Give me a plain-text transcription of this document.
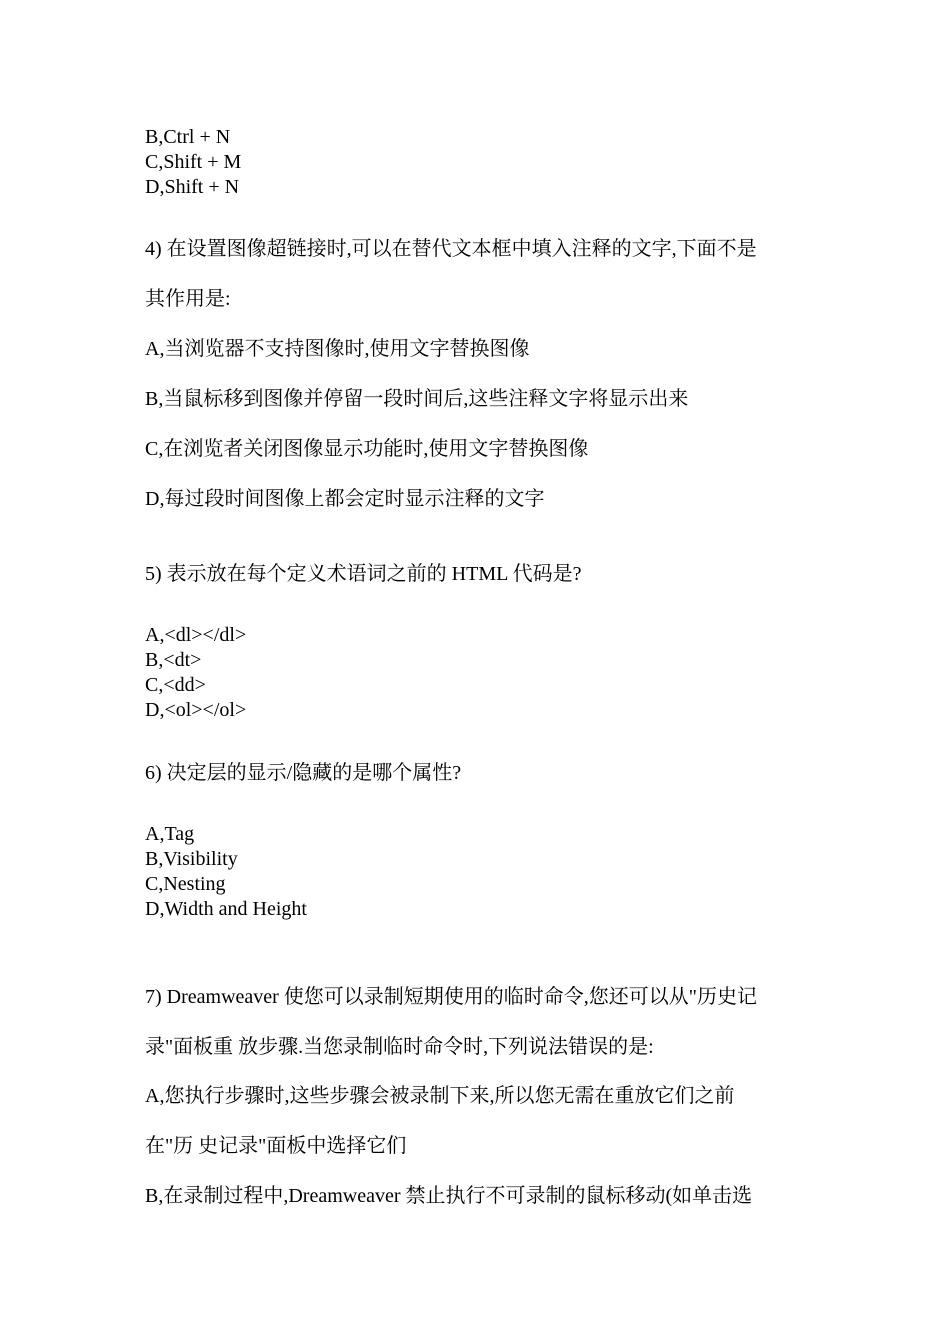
B,Ctrl + N
C,Shift + M
D,Shift + N
4) 在设置图像超链接时,可以在替代文本框中填入注释的文字,下面不是
其作用是:
A,当浏览器不支持图像时,使用文字替换图像
B,当鼠标移到图像并停留一段时间后,这些注释文字将显示出来
C,在浏览者关闭图像显示功能时,使用文字替换图像
D,每过段时间图像上都会定时显示注释的文字
5) 表示放在每个定义术语词之前的 HTML 代码是?
A,<dl></dl>
B,<dt>
C,<dd>
D,<ol></ol>
6) 决定层的显示/隐藏的是哪个属性?
A,Tag
B,Visibility
C,Nesting
D,Width and Height
7) Dreamweaver 使您可以录制短期使用的临时命令,您还可以从"历史记
录"面板重 放步骤.当您录制临时命令时,下列说法错误的是:
A,您执行步骤时,这些步骤会被录制下来,所以您无需在重放它们之前
在"历 史记录"面板中选择它们
B,在录制过程中,Dreamweaver 禁止执行不可录制的鼠标移动(如单击选
